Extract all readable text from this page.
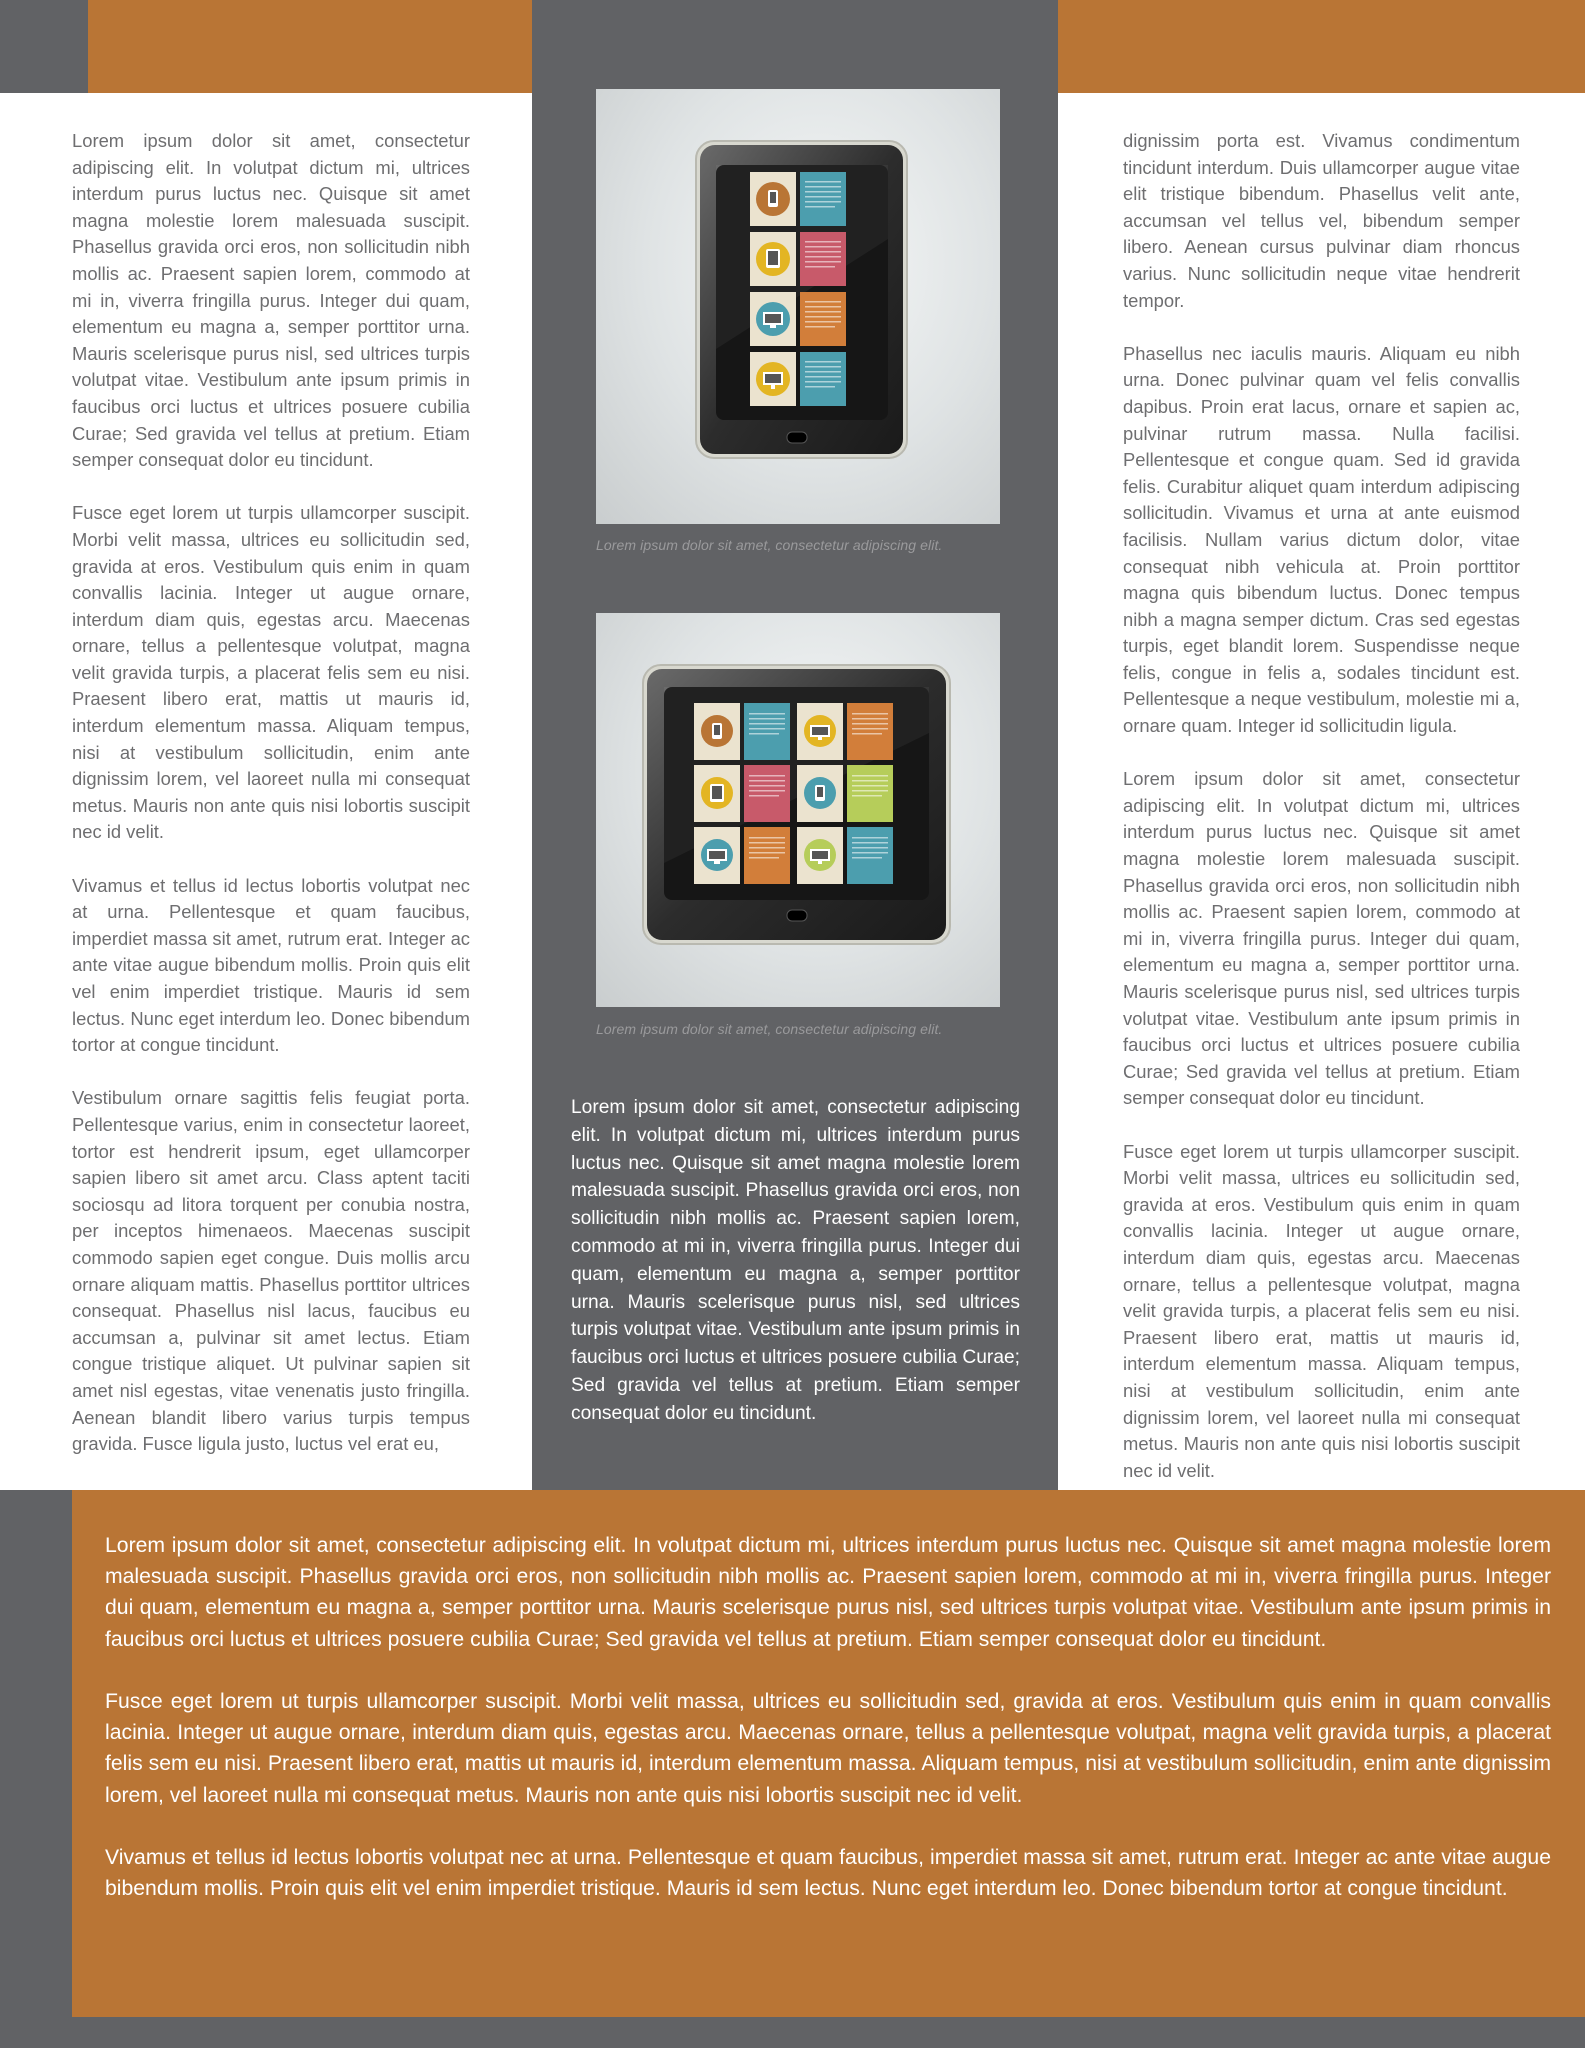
Lorem ipsum dolor sit amet, consectetur adipiscing elit. In volutpat dictum mi, ultrices interdum purus luctus nec. Quisque sit amet magna molestie lorem malesuada suscipit. Phasellus gravida orci eros, non sollicitudin nibh mollis ac. Praesent sapien lorem, commodo at mi in, viverra fringilla purus. Integer dui quam, elementum eu magna a, semper porttitor urna. Mauris scelerisque purus nisl, sed ultrices turpis volutpat vitae. Vestibulum ante ipsum primis in faucibus orci luctus et ultrices posuere cubilia Curae; Sed gravida vel tellus at pretium. Etiam semper consequat dolor eu tincidunt.

Fusce eget lorem ut turpis ullamcorper suscipit. Morbi velit massa, ultrices eu sollicitudin sed, gravida at eros. Vestibulum quis enim in quam convallis lacinia. Integer ut augue ornare, interdum diam quis, egestas arcu. Maecenas ornare, tellus a pellentesque volutpat, magna velit gravida turpis, a placerat felis sem eu nisi. Praesent libero erat, mattis ut mauris id, interdum elementum massa. Aliquam tempus, nisi at vestibulum sollicitudin, enim ante dignissim lorem, vel laoreet nulla mi consequat metus. Mauris non ante quis nisi lobortis suscipit nec id velit.

Vivamus et tellus id lectus lobortis volutpat nec at urna. Pellentesque et quam faucibus, imperdiet massa sit amet, rutrum erat. Integer ac ante vitae augue bibendum mollis. Proin quis elit vel enim imperdiet tristique. Mauris id sem lectus. Nunc eget interdum leo. Donec bibendum tortor at congue tincidunt.

Vestibulum ornare sagittis felis feugiat porta. Pellentesque varius, enim in consectetur laoreet, tortor est hendrerit ipsum, eget ullamcorper sapien libero sit amet arcu. Class aptent taciti sociosqu ad litora torquent per conubia nostra, per inceptos himenaeos. Maecenas suscipit commodo sapien eget congue. Duis mollis arcu ornare aliquam mattis. Phasellus porttitor ultrices consequat. Phasellus nisl lacus, faucibus eu accumsan a, pulvinar sit amet lectus. Etiam congue tristique aliquet. Ut pulvinar sapien sit amet nisl egestas, vitae venenatis justo fringilla. Aenean blandit libero varius turpis tempus gravida. Fusce ligula justo, luctus vel erat eu,

dignissim porta est. Vivamus condimentum tincidunt interdum. Duis ullamcorper augue vitae elit tristique bibendum. Phasellus velit ante, accumsan vel tellus vel, bibendum semper libero. Aenean cursus pulvinar diam rhoncus varius. Nunc sollicitudin neque vitae hendrerit tempor.

Phasellus nec iaculis mauris. Aliquam eu nibh urna. Donec pulvinar quam vel felis convallis dapibus. Proin erat lacus, ornare et sapien ac, pulvinar rutrum massa. Nulla facilisi. Pellentesque et congue quam. Sed id gravida felis. Curabitur aliquet quam interdum adipiscing sollicitudin. Vivamus et urna at ante euismod facilisis. Nullam varius dictum dolor, vitae consequat nibh vehicula at. Proin porttitor magna quis bibendum luctus. Donec tempus nibh a magna semper dictum. Cras sed egestas turpis, eget blandit lorem. Suspendisse neque felis, congue in felis a, sodales tincidunt est. Pellentesque a neque vestibulum, molestie mi a, ornare quam. Integer id sollicitudin ligula.

Lorem ipsum dolor sit amet, consectetur adipiscing elit. In volutpat dictum mi, ultrices interdum purus luctus nec. Quisque sit amet magna molestie lorem malesuada suscipit. Phasellus gravida orci eros, non sollicitudin nibh mollis ac. Praesent sapien lorem, commodo at mi in, viverra fringilla purus. Integer dui quam, elementum eu magna a, semper porttitor urna. Mauris scelerisque purus nisl, sed ultrices turpis volutpat vitae. Vestibulum ante ipsum primis in faucibus orci luctus et ultrices posuere cubilia Curae; Sed gravida vel tellus at pretium. Etiam semper consequat dolor eu tincidunt.

Fusce eget lorem ut turpis ullamcorper suscipit. Morbi velit massa, ultrices eu sollicitudin sed, gravida at eros. Vestibulum quis enim in quam convallis lacinia. Integer ut augue ornare, interdum diam quis, egestas arcu. Maecenas ornare, tellus a pellentesque volutpat, magna velit gravida turpis, a placerat felis sem eu nisi. Praesent libero erat, mattis ut mauris id, interdum elementum massa. Aliquam tempus, nisi at vestibulum sollicitudin, enim ante dignissim lorem, vel laoreet nulla mi consequat metus. Mauris non ante quis nisi lobortis suscipit nec id velit.

Lorem ipsum dolor sit amet, consectetur adipiscing elit.
Lorem ipsum dolor sit amet, consectetur adipiscing elit.

Lorem ipsum dolor sit amet, consectetur adipiscing elit. In volutpat dictum mi, ultrices interdum purus luctus nec. Quisque sit amet magna molestie lorem malesuada suscipit. Phasellus gravida orci eros, non sollicitudin nibh mollis ac. Praesent sapien lorem, commodo at mi in, viverra fringilla purus. Integer dui quam, elementum eu magna a, semper porttitor urna. Mauris scelerisque purus nisl, sed ultrices turpis volutpat vitae. Vestibulum ante ipsum primis in faucibus orci luctus et ultrices posuere cubilia Curae; Sed gravida vel tellus at pretium. Etiam semper consequat dolor eu tincidunt.

Lorem ipsum dolor sit amet, consectetur adipiscing elit. In volutpat dictum mi, ultrices interdum purus luctus nec. Quisque sit amet magna molestie lorem malesuada suscipit. Phasellus gravida orci eros, non sollicitudin nibh mollis ac. Praesent sapien lorem, commodo at mi in, viverra fringilla purus. Integer dui quam, elementum eu magna a, semper porttitor urna. Mauris scelerisque purus nisl, sed ultrices turpis volutpat vitae. Vestibulum ante ipsum primis in faucibus orci luctus et ultrices posuere cubilia Curae; Sed gravida vel tellus at pretium. Etiam semper consequat dolor eu tincidunt.

Fusce eget lorem ut turpis ullamcorper suscipit. Morbi velit massa, ultrices eu sollicitudin sed, gravida at eros. Vestibulum quis enim in quam convallis lacinia. Integer ut augue ornare, interdum diam quis, egestas arcu. Maecenas ornare, tellus a pellentesque volutpat, magna velit gravida turpis, a placerat felis sem eu nisi. Praesent libero erat, mattis ut mauris id, interdum elementum massa. Aliquam tempus, nisi at vestibulum sollicitudin, enim ante dignissim lorem, vel laoreet nulla mi consequat metus. Mauris non ante quis nisi lobortis suscipit nec id velit.

Vivamus et tellus id lectus lobortis volutpat nec at urna. Pellentesque et quam faucibus, imperdiet massa sit amet, rutrum erat. Integer ac ante vitae augue bibendum mollis. Proin quis elit vel enim imperdiet tristique. Mauris id sem lectus. Nunc eget interdum leo. Donec bibendum tortor at congue tincidunt.
